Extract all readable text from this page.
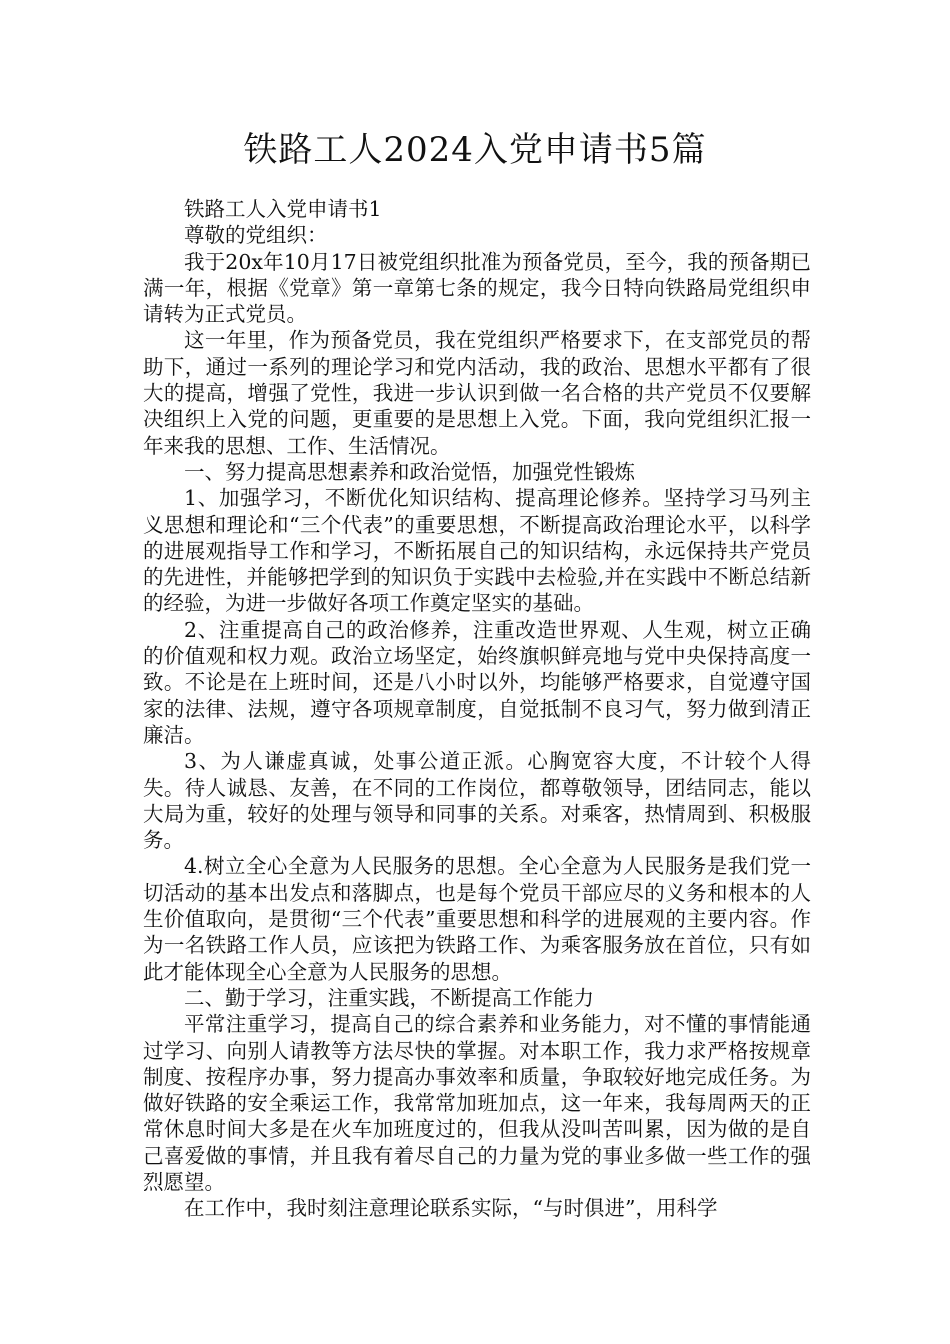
铁路工人2024入党申请书5篇

铁路工人入党申请书1

尊敬的党组织：

我于20x年10月17日被党组织批准为预备党员，至今，我的预备期已满一年，根据《党章》第一章第七条的规定，我今日特向铁路局党组织申请转为正式党员。

这一年里，作为预备党员，我在党组织严格要求下，在支部党员的帮助下，通过一系列的理论学习和党内活动，我的政治、思想水平都有了很大的提高，增强了党性，我进一步认识到做一名合格的共产党员不仅要解决组织上入党的问题，更重要的是思想上入党。下面，我向党组织汇报一年来我的思想、工作、生活情况。

一、努力提高思想素养和政治觉悟，加强党性锻炼

1、加强学习，不断优化知识结构、提高理论修养。坚持学习马列主义思想和理论和“三个代表”的重要思想，不断提高政治理论水平，以科学的进展观指导工作和学习，不断拓展自己的知识结构，永远保持共产党员的先进性，并能够把学到的知识负于实践中去检验,并在实践中不断总结新的经验，为进一步做好各项工作奠定坚实的基础。

2、注重提高自己的政治修养，注重改造世界观、人生观，树立正确的价值观和权力观。政治立场坚定，始终旗帜鲜亮地与党中央保持高度一致。不论是在上班时间，还是八小时以外，均能够严格要求，自觉遵守国家的法律、法规，遵守各项规章制度，自觉抵制不良习气，努力做到清正廉洁。

3、为人谦虚真诚，处事公道正派。心胸宽容大度，不计较个人得失。待人诚恳、友善，在不同的工作岗位，都尊敬领导，团结同志，能以大局为重，较好的处理与领导和同事的关系。对乘客，热情周到、积极服务。

4.树立全心全意为人民服务的思想。全心全意为人民服务是我们党一切活动的基本出发点和落脚点，也是每个党员干部应尽的义务和根本的人生价值取向，是贯彻“三个代表”重要思想和科学的进展观的主要内容。作为一名铁路工作人员，应该把为铁路工作、为乘客服务放在首位，只有如此才能体现全心全意为人民服务的思想。

二、勤于学习，注重实践，不断提高工作能力

平常注重学习，提高自己的综合素养和业务能力，对不懂的事情能通过学习、向别人请教等方法尽快的掌握。对本职工作，我力求严格按规章制度、按程序办事，努力提高办事效率和质量，争取较好地完成任务。为做好铁路的安全乘运工作，我常常加班加点，这一年来，我每周两天的正常休息时间大多是在火车加班度过的，但我从没叫苦叫累，因为做的是自己喜爱做的事情，并且我有着尽自己的力量为党的事业多做一些工作的强烈愿望。

在工作中，我时刻注意理论联系实际，“与时俱进”，用科学
